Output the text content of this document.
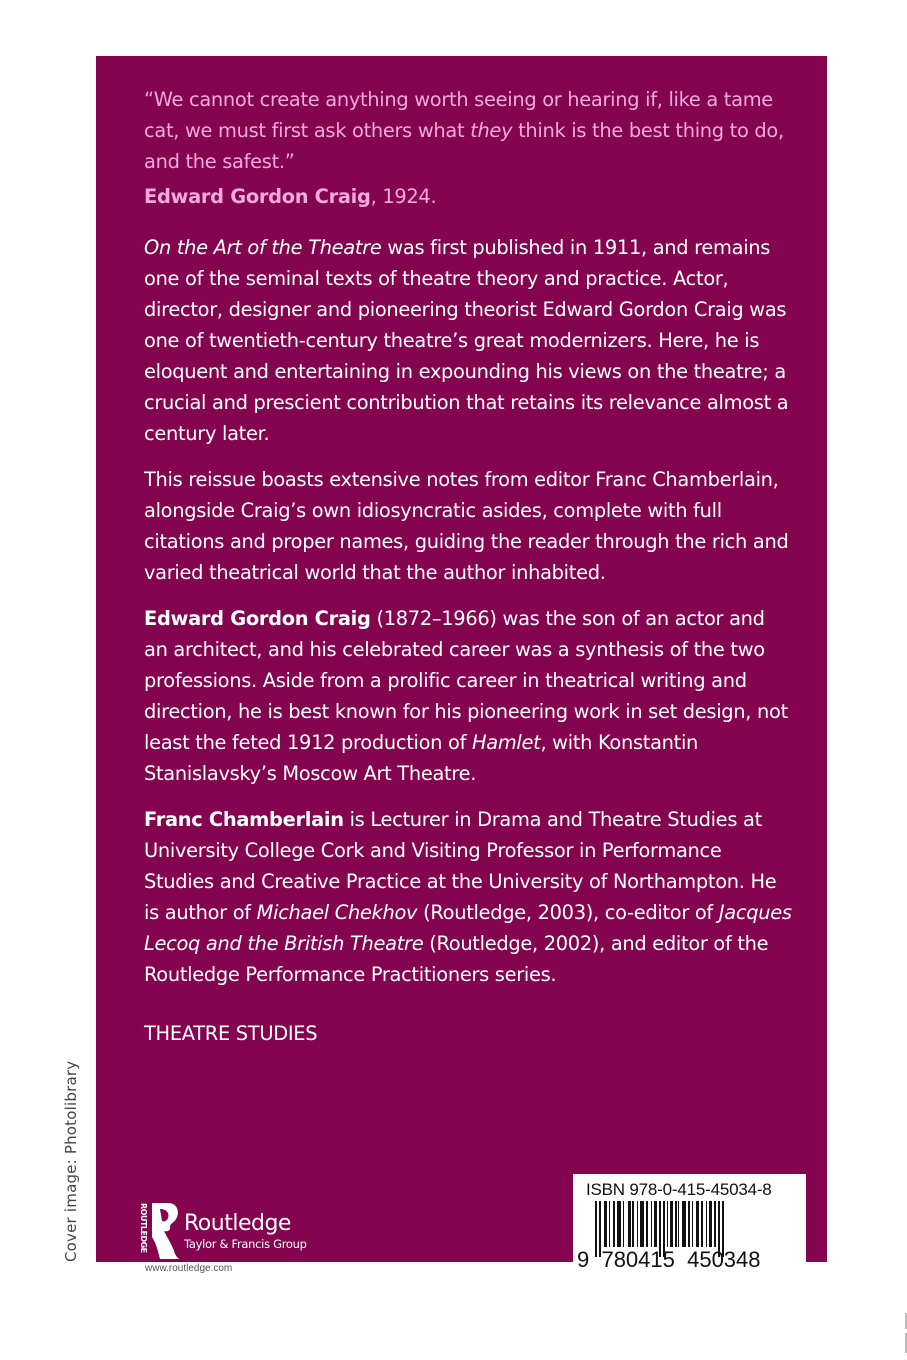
“We cannot create anything worth seeing or hearing if, like a tame cat, we must first ask others what they think is the best thing to do, and the safest.”

Edward Gordon Craig, 1924.

On the Art of the Theatre was first published in 1911, and remains one of the seminal texts of theatre theory and practice. Actor, director, designer and pioneering theorist Edward Gordon Craig was one of twentieth-century theatre’s great modernizers. Here, he is eloquent and entertaining in expounding his views on the theatre; a crucial and prescient contribution that retains its relevance almost a century later.

This reissue boasts extensive notes from editor Franc Chamberlain, alongside Craig’s own idiosyncratic asides, complete with full citations and proper names, guiding the reader through the rich and varied theatrical world that the author inhabited.

Edward Gordon Craig (1872–1966) was the son of an actor and an architect, and his celebrated career was a synthesis of the two professions. Aside from a prolific career in theatrical writing and direction, he is best known for his pioneering work in set design, not least the feted 1912 production of Hamlet, with Konstantin Stanislavsky’s Moscow Art Theatre.

Franc Chamberlain is Lecturer in Drama and Theatre Studies at University College Cork and Visiting Professor in Performance Studies and Creative Practice at the University of Northampton. He is author of Michael Chekhov (Routledge, 2003), co-editor of Jacques Lecoq and the British Theatre (Routledge, 2002), and editor of the Routledge Performance Practitioners series.

THEATRE STUDIES
ROUTLEDGE Routledge
Taylor & Francis Group
ISBN 978-0-415-45034-8
9  780415  450348
www.routledge.com
Cover image: Photolibrary
